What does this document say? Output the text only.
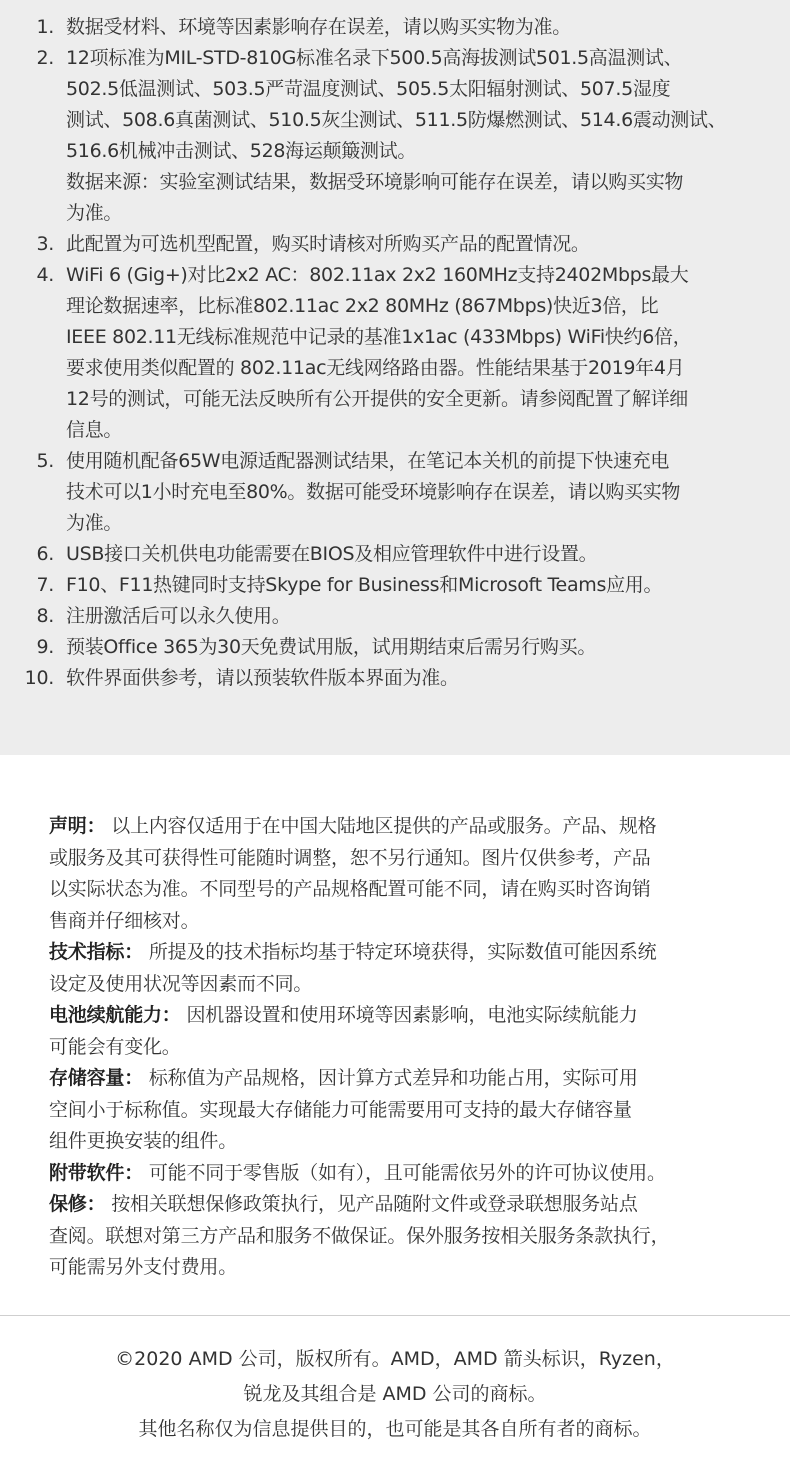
1. 数据受材料、环境等因素影响存在误差，请以购买实物为准。
2. 12项标准为MIL-STD-810G标准名录下500.5高海拔测试501.5高温测试、
502.5低温测试、503.5严苛温度测试、505.5太阳辐射测试、507.5湿度
测试、508.6真菌测试、510.5灰尘测试、511.5防爆燃测试、514.6震动测试、
516.6机械冲击测试、528海运颠簸测试。
数据来源：实验室测试结果，数据受环境影响可能存在误差，请以购买实物
为准。
3. 此配置为可选机型配置，购买时请核对所购买产品的配置情况。
4. WiFi 6 (Gig+)对比2x2 AC：802.11ax 2x2 160MHz支持2402Mbps最大
理论数据速率，比标准802.11ac 2x2 80MHz (867Mbps)快近3倍，比
IEEE 802.11无线标准规范中记录的基准1x1ac (433Mbps) WiFi快约6倍，
要求使用类似配置的 802.11ac无线网络路由器。性能结果基于2019年4月
12号的测试，可能无法反映所有公开提供的安全更新。请参阅配置了解详细
信息。
5. 使用随机配备65W电源适配器测试结果，在笔记本关机的前提下快速充电
技术可以1小时充电至80%。数据可能受环境影响存在误差，请以购买实物
为准。
6. USB接口关机供电功能需要在BIOS及相应管理软件中进行设置。
7. F10、F11热键同时支持Skype for Business和Microsoft Teams应用。
8. 注册激活后可以永久使用。
9. 预装Office 365为30天免费试用版，试用期结束后需另行购买。
10. 软件界面供参考，请以预装软件版本界面为准。
声明： 以上内容仅适用于在中国大陆地区提供的产品或服务。产品、规格
或服务及其可获得性可能随时调整，恕不另行通知。图片仅供参考，产品
以实际状态为准。不同型号的产品规格配置可能不同，请在购买时咨询销
售商并仔细核对。
技术指标： 所提及的技术指标均基于特定环境获得，实际数值可能因系统
设定及使用状况等因素而不同。
电池续航能力： 因机器设置和使用环境等因素影响，电池实际续航能力
可能会有变化。
存储容量： 标称值为产品规格，因计算方式差异和功能占用，实际可用
空间小于标称值。实现最大存储能力可能需要用可支持的最大存储容量
组件更换安装的组件。
附带软件： 可能不同于零售版（如有），且可能需依另外的许可协议使用。
保修： 按相关联想保修政策执行，见产品随附文件或登录联想服务站点
查阅。联想对第三方产品和服务不做保证。保外服务按相关服务条款执行，
可能需另外支付费用。
©2020 AMD 公司，版权所有。AMD，AMD 箭头标识，Ryzen，
锐龙及其组合是 AMD 公司的商标。
其他名称仅为信息提供目的，也可能是其各自所有者的商标。
